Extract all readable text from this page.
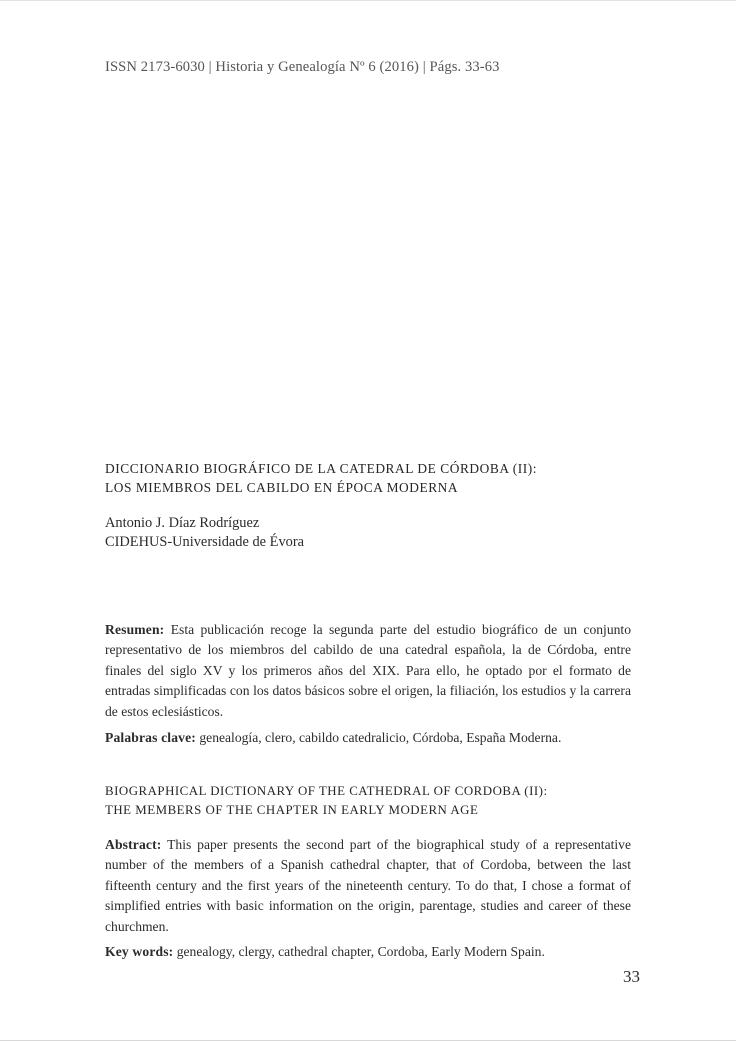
ISSN 2173-6030 | Historia y Genealogía Nº 6 (2016) | Págs. 33-63
DICCIONARIO BIOGRÁFICO DE LA CATEDRAL DE CÓRDOBA (II):
LOS MIEMBROS DEL CABILDO EN ÉPOCA MODERNA
Antonio J. Díaz Rodríguez
CIDEHUS-Universidade de Évora
Resumen: Esta publicación recoge la segunda parte del estudio biográfico de un conjunto representativo de los miembros del cabildo de una catedral española, la de Córdoba, entre finales del siglo XV y los primeros años del XIX. Para ello, he optado por el formato de entradas simplificadas con los datos básicos sobre el origen, la filiación, los estudios y la carrera de estos eclesiásticos.
Palabras clave: genealogía, clero, cabildo catedralicio, Córdoba, España Moderna.
BIOGRAPHICAL DICTIONARY OF THE CATHEDRAL OF CORDOBA (II):
THE MEMBERS OF THE CHAPTER IN EARLY MODERN AGE
Abstract: This paper presents the second part of the biographical study of a representative number of the members of a Spanish cathedral chapter, that of Cordoba, between the last fifteenth century and the first years of the nineteenth century. To do that, I chose a format of simplified entries with basic information on the origin, parentage, studies and career of these churchmen.
Key words: genealogy, clergy, cathedral chapter, Cordoba, Early Modern Spain.
33
